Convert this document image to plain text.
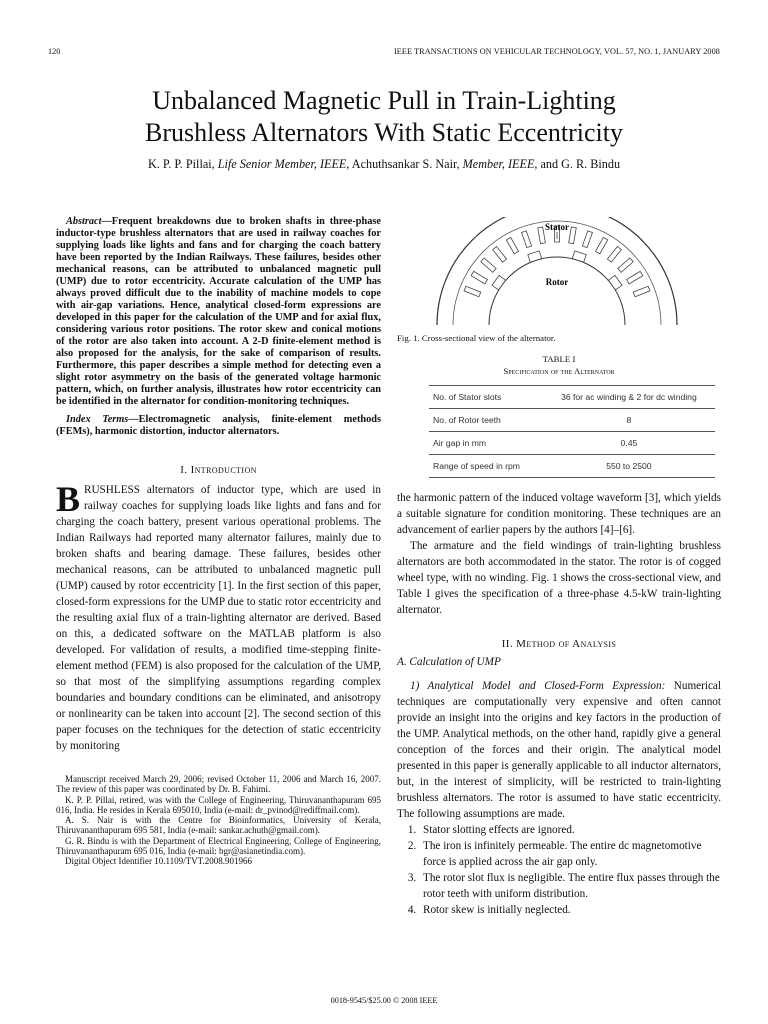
120	IEEE TRANSACTIONS ON VEHICULAR TECHNOLOGY, VOL. 57, NO. 1, JANUARY 2008
Unbalanced Magnetic Pull in Train-Lighting
Brushless Alternators With Static Eccentricity
K. P. P. Pillai, Life Senior Member, IEEE, Achuthsankar S. Nair, Member, IEEE, and G. R. Bindu

Abstract—Frequent breakdowns due to broken shafts in three-phase inductor-type brushless alternators that are used in railway coaches for supplying loads like lights and fans and for charging the coach battery have been reported by the Indian Railways. These failures, besides other mechanical reasons, can be attributed to unbalanced magnetic pull (UMP) due to rotor eccentricity. Accurate calculation of the UMP has always proved difficult due to the inability of machine models to cope with air-gap variations. Hence, analytical closed-form expressions are developed in this paper for the calculation of the UMP and for axial flux, considering various rotor positions. The rotor skew and conical motions of the rotor are also taken into account. A 2-D finite-element method is also proposed for the analysis, for the sake of comparison of results. Furthermore, this paper describes a simple method for detecting even a slight rotor asymmetry on the basis of the generated voltage harmonic pattern, which, on further analysis, illustrates how rotor eccentricity can be identified in the alternator for condition-monitoring techniques.

Index Terms—Electromagnetic analysis, finite-element methods (FEMs), harmonic distortion, inductor alternators.

I. Introduction

BRUSHLESS alternators of inductor type, which are used in railway coaches for supplying loads like lights and fans and for charging the coach battery, present various operational problems. The Indian Railways had reported many alternator failures, mainly due to broken shafts and bearing damage. These failures, besides other mechanical reasons, can be attributed to unbalanced magnetic pull (UMP) caused by rotor eccentricity [1]. In the first section of this paper, closed-form expressions for the UMP due to static rotor eccentricity and the resulting axial flux of a train-lighting alternator are derived. Based on this, a dedicated software on the MATLAB platform is also developed. For validation of results, a modified time-stepping finite-element method (FEM) is also proposed for the calculation of the UMP, so that most of the simplifying assumptions regarding complex boundaries and boundary conditions can be eliminated, and anisotropy or nonlinearity can be taken into account [2]. The second section of this paper focuses on the techniques for the detection of static eccentricity by monitoring

Manuscript received March 29, 2006; revised October 11, 2006 and March 16, 2007. The review of this paper was coordinated by Dr. B. Fahimi.

K. P. P. Pillai, retired, was with the College of Engineering, Thiruvananthapuram 695 016, India. He resides in Kerala 695010, India (e-mail: dr_pvinod@rediffmail.com).

A. S. Nair is with the Centre for Bioinformatics, University of Kerala, Thiruvananthapuram 695 581, India (e-mail: sankar.achuth@gmail.com).

G. R. Bindu is with the Department of Electrical Engineering, College of Engineering, Thiruvananthapuram 695 016, India (e-mail: bgr@asianetindia.com).

Digital Object Identifier 10.1109/TVT.2008.901966

Stator
Rotor

Fig. 1. Cross-sectional view of the alternator.

TABLE I

Specification of the Alternator

No. of Stator slots	36 for ac winding & 2 for dc winding
No. of Rotor teeth	8
Air gap in mm	0.45
Range of speed in rpm	550 to 2500

the harmonic pattern of the induced voltage waveform [3], which yields a suitable signature for condition monitoring. These techniques are an advancement of earlier papers by the authors [4]–[6].

The armature and the field windings of train-lighting brushless alternators are both accommodated in the stator. The rotor is of cogged wheel type, with no winding. Fig. 1 shows the cross-sectional view, and Table I gives the specification of a three-phase 4.5-kW train-lighting alternator.

II. Method of Analysis

A. Calculation of UMP

1) Analytical Model and Closed-Form Expression: Numerical techniques are computationally very expensive and often cannot provide an insight into the origins and key factors in the production of the UMP. Analytical methods, on the other hand, rapidly give a general conception of the forces and their origin. The analytical model presented in this paper is generally applicable to all inductor alternators, but, in the interest of simplicity, will be restricted to train-lighting brushless alternators. The rotor is assumed to have static eccentricity. The following assumptions are made.

1. Stator slotting effects are ignored.
2. The iron is infinitely permeable. The entire dc magnetomotive force is applied across the air gap only.
3. The rotor slot flux is negligible. The entire flux passes through the rotor teeth with uniform distribution.
4. Rotor skew is initially neglected.
0018-9545/$25.00 © 2008 IEEE
